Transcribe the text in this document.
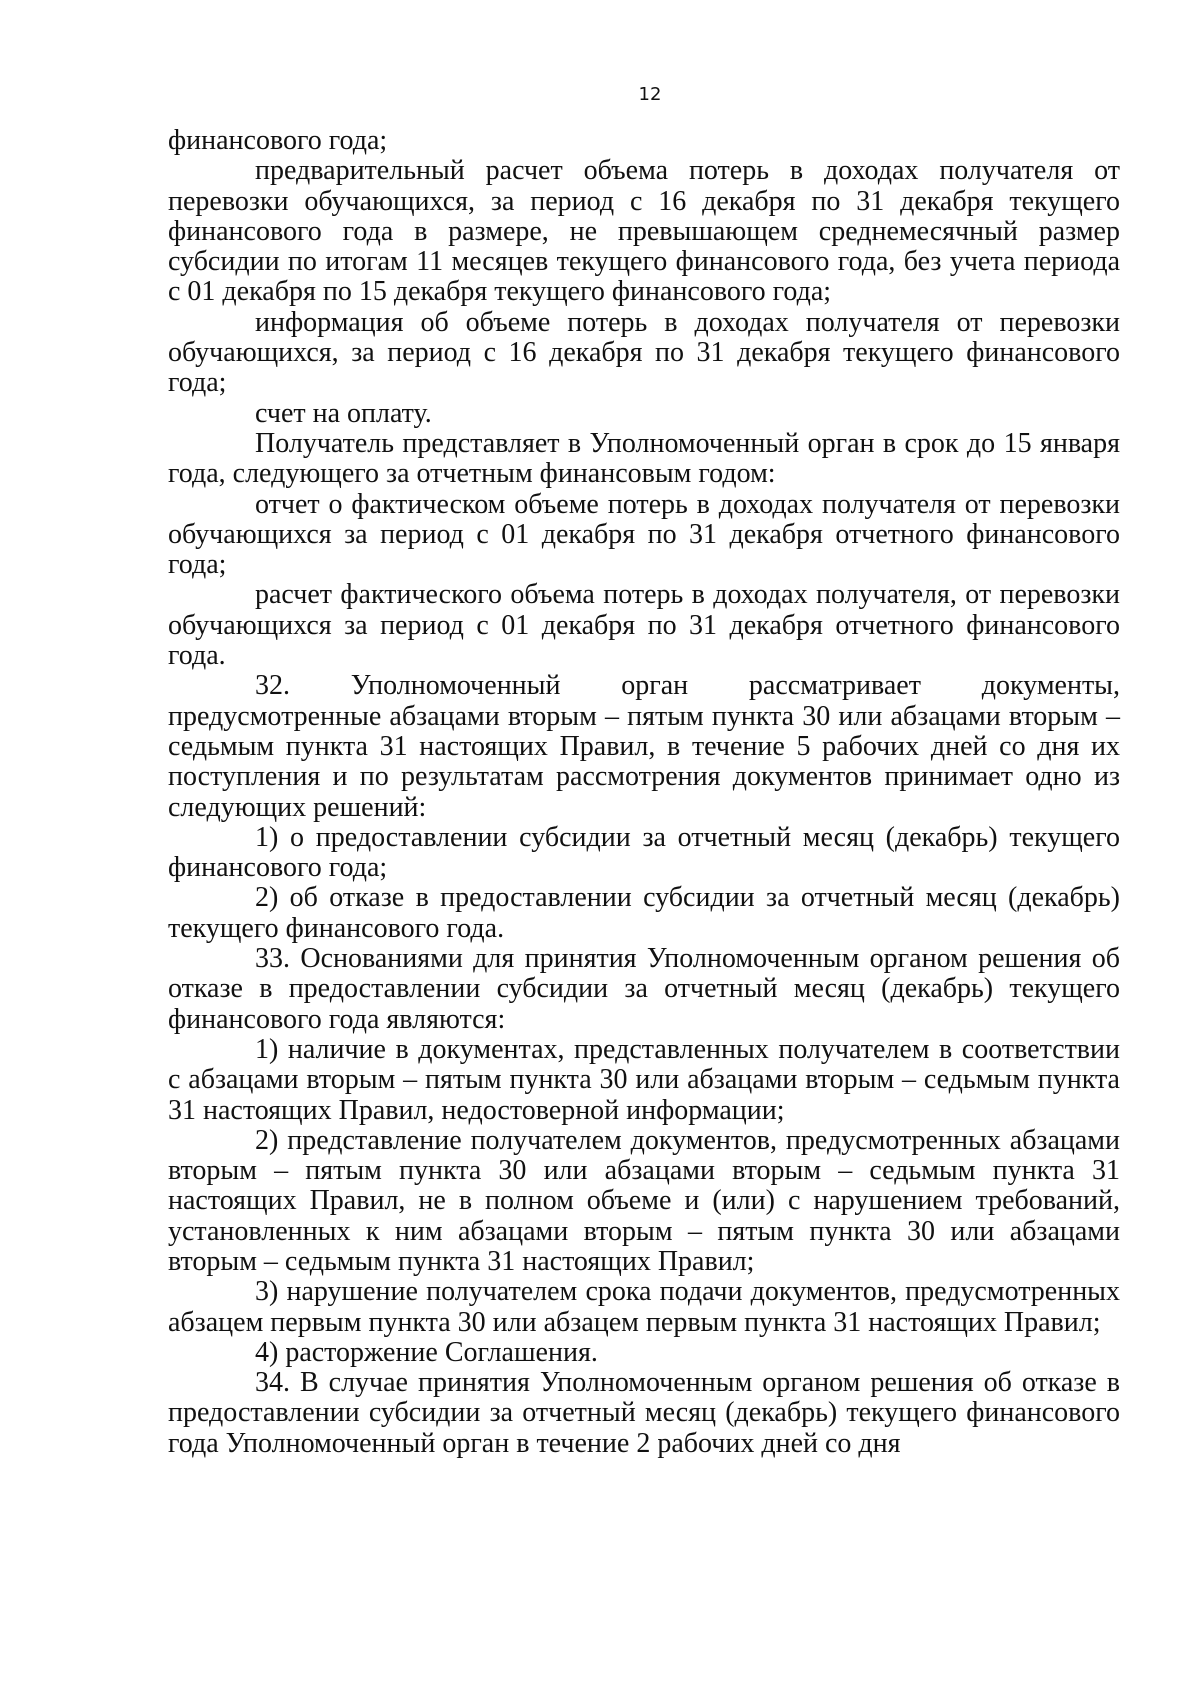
12

финансового года;

предварительный расчет объема потерь в доходах получателя от перевозки обучающихся, за период с 16 декабря по 31 декабря текущего финансового года в размере, не превышающем среднемесячный размер субсидии по итогам 11 месяцев текущего финансового года, без учета периода с 01 декабря по 15 декабря текущего финансового года;

информация об объеме потерь в доходах получателя от перевозки обучающихся, за период с 16 декабря по 31 декабря текущего финансового года;

счет на оплату.

Получатель представляет в Уполномоченный орган в срок до 15 января года, следующего за отчетным финансовым годом:

отчет о фактическом объеме потерь в доходах получателя от перевозки обучающихся за период с 01 декабря по 31 декабря отчетного финансового года;

расчет фактического объема потерь в доходах получателя, от перевозки обучающихся за период с 01 декабря по 31 декабря отчетного финансового года.

32. Уполномоченный орган рассматривает документы, предусмотренные абзацами вторым – пятым пункта 30 или абзацами вторым – седьмым пункта 31 настоящих Правил, в течение 5 рабочих дней со дня их поступления и по результатам рассмотрения документов принимает одно из следующих решений:

1) о предоставлении субсидии за отчетный месяц (декабрь) текущего финансового года;

2) об отказе в предоставлении субсидии за отчетный месяц (декабрь) текущего финансового года.

33. Основаниями для принятия Уполномоченным органом решения об отказе в предоставлении субсидии за отчетный месяц (декабрь) текущего финансового года являются:

1) наличие в документах, представленных получателем в соответствии с абзацами вторым – пятым пункта 30 или абзацами вторым – седьмым пункта 31 настоящих Правил, недостоверной информации;

2) представление получателем документов, предусмотренных абзацами вторым – пятым пункта 30 или абзацами вторым – седьмым пункта 31 настоящих Правил, не в полном объеме и (или) с нарушением требований, установленных к ним абзацами вторым – пятым пункта 30 или абзацами вторым – седьмым пункта 31 настоящих Правил;

3) нарушение получателем срока подачи документов, предусмотренных абзацем первым пункта 30 или абзацем первым пункта 31 настоящих Правил;

4) расторжение Соглашения.

34. В случае принятия Уполномоченным органом решения об отказе в предоставлении субсидии за отчетный месяц (декабрь) текущего финансового года Уполномоченный орган в течение 2 рабочих дней со дня
